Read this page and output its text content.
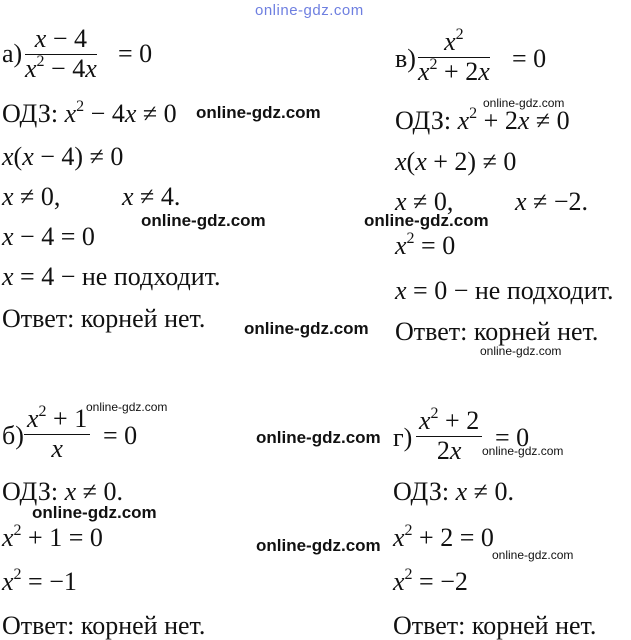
online-gdz.com
а)
x − 4
$x^2 - 4x$
= 0
ОДЗ: $x^2 - 4x \ne 0$
x(x − 4) ≠ 0
x ≠ 0, x ≠ 4.
x − 4 = 0
x = 4 − не подходит.
Ответ: корней нет.
в)
$x^2$
$x^2 + 2x = 0$
ОДЗ: $x^2 + 2x \ne 0$
x(x + 2) ≠ 0
x ≠ 0, x ≠ −2.
$x^2 = 0$
x = 0 − не подходит.
Ответ: корней нет.
б)
$x^2 + 1$
x = 0
ОДЗ: x ≠ 0.
$x^2 + 1 = 0$
$x^2 = -1$
Ответ: корней нет.
г)
$x^2 + 2$
2x = 0
ОДЗ: x ≠ 0.
$x^2 + 2 = 0$
$x^2 = -2$
Ответ: корней нет.
online-gdz.com	online-gdz.com
online-gdz.com	online-gdz.com
online-gdz.com
online-gdz.com
online-gdz.com
online-gdz.com
online-gdz.com
online-gdz.com
online-gdz.com	online-gdz.com
